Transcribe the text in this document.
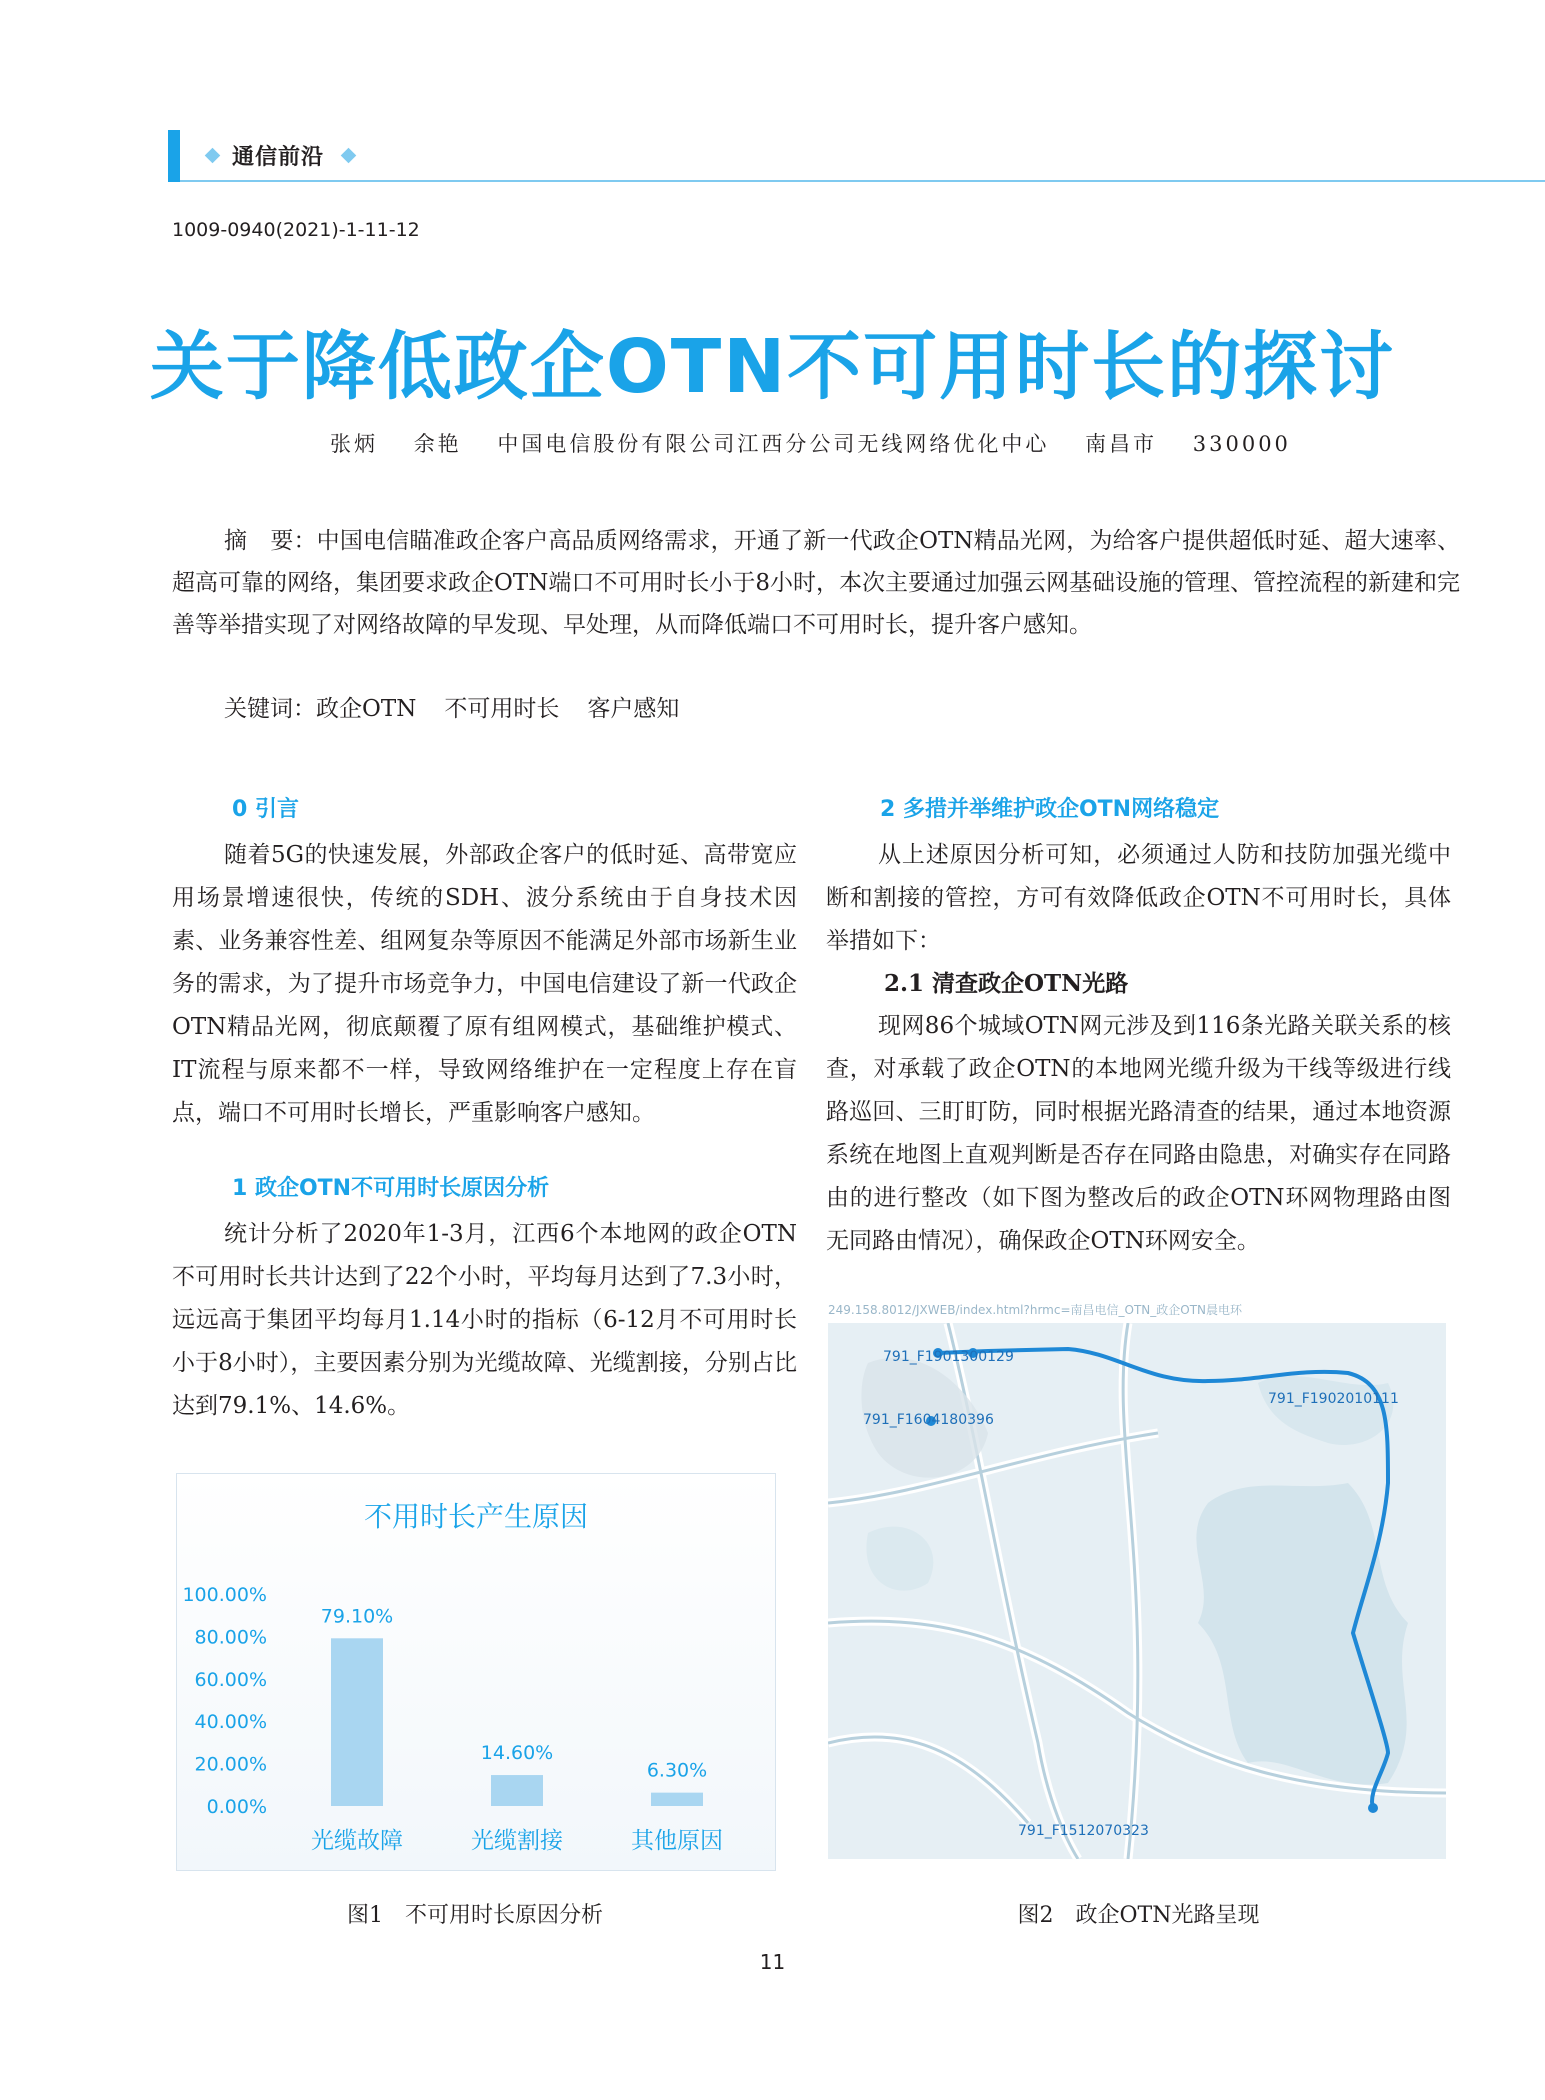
通信前沿
1009-0940(2021)-1-11-12
关于降低政企OTN不可用时长的探讨
张炳 余艳 中国电信股份有限公司江西分公司无线网络优化中心 南昌市 330000

摘　要：中国电信瞄准政企客户高品质网络需求，开通了新一代政企OTN精品光网，为给客户提供超低时延、超大速率、超高可靠的网络，集团要求政企OTN端口不可用时长小于8小时，本次主要通过加强云网基础设施的管理、管控流程的新建和完善等举措实现了对网络故障的早发现、早处理，从而降低端口不可用时长，提升客户感知。

关键词：政企OTN 不可用时长 客户感知
0 引言

随着5G的快速发展，外部政企客户的低时延、高带宽应用场景增速很快，传统的SDH、波分系统由于自身技术因素、业务兼容性差、组网复杂等原因不能满足外部市场新生业务的需求，为了提升市场竞争力，中国电信建设了新一代政企OTN精品光网，彻底颠覆了原有组网模式，基础维护模式、IT流程与原来都不一样，导致网络维护在一定程度上存在盲点，端口不可用时长增长，严重影响客户感知。

1 政企OTN不可用时长原因分析

统计分析了2020年1-3月，江西6个本地网的政企OTN不可用时长共计达到了22个小时，平均每月达到了7.3小时，远远高于集团平均每月1.14小时的指标（6-12月不可用时长小于8小时），主要因素分别为光缆故障、光缆割接，分别占比达到79.1%、14.6%。

2 多措并举维护政企OTN网络稳定

从上述原因分析可知，必须通过人防和技防加强光缆中断和割接的管控，方可有效降低政企OTN不可用时长，具体举措如下：

2.1 清查政企OTN光路

现网86个城域OTN网元涉及到116条光路关联关系的核查，对承载了政企OTN的本地网光缆升级为干线等级进行线路巡回、三盯盯防，同时根据光路清查的结果，通过本地资源系统在地图上直观判断是否存在同路由隐患，对确实存在同路由的进行整改（如下图为整改后的政企OTN环网物理路由图无同路由情况），确保政企OTN环网安全。

不用时长产生原因
0.00%
20.00%
40.00%
60.00%
80.00%
100.00%
79.10%
光缆故障
14.60%
光缆割接
6.30%
其他原因
图1　不可用时长原因分析
249.158.8012/JXWEB/index.html?hrmc=南昌电信_OTN_政企OTN晨电环
791_F1901300129
791_F1604180396
791_F1902010111
791_F1512070323
图2　政企OTN光路呈现
11
